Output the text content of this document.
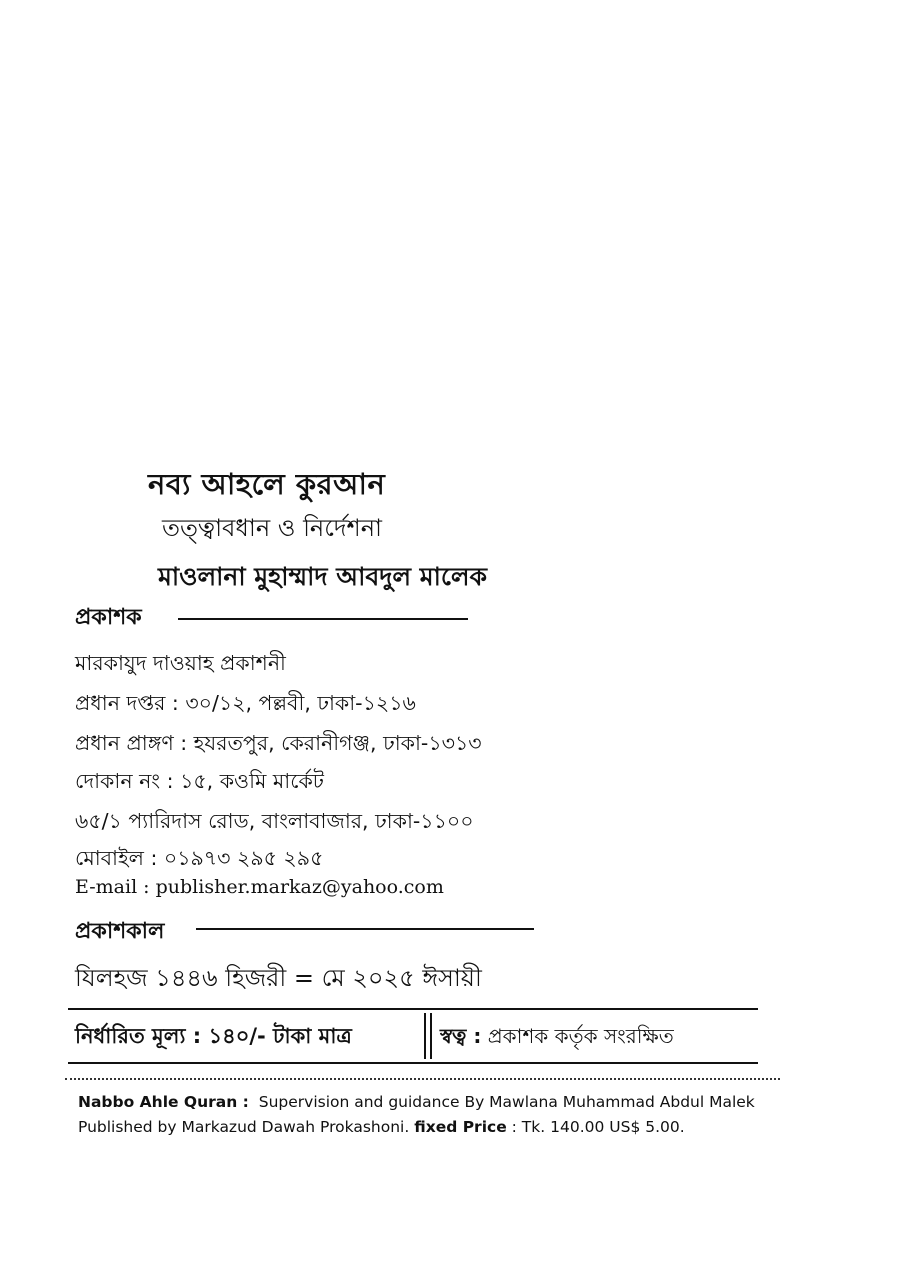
নব্য আহলে কুরআন
তত্ত্বাবধান ও নির্দেশনা
মাওলানা মুহাম্মাদ আবদুল মালেক
প্রকাশক
মারকাযুদ দাওয়াহ প্রকাশনী
প্রধান দপ্তর : ৩০/১২, পল্লবী, ঢাকা-১২১৬
প্রধান প্রাঙ্গণ : হযরতপুর, কেরানীগঞ্জ, ঢাকা-১৩১৩
দোকান নং : ১৫, কওমি মার্কেট
৬৫/১ প্যারিদাস রোড, বাংলাবাজার, ঢাকা-১১০০
মোবাইল : ০১৯৭৩ ২৯৫ ২৯৫
E-mail : publisher.markaz@yahoo.com
প্রকাশকাল
যিলহজ ১৪৪৬ হিজরী = মে ২০২৫ ঈসায়ী
নির্ধারিত মূল্য : ১৪০/- টাকা মাত্র	স্বত্ব : প্রকাশক কর্তৃক সংরক্ষিত
Nabbo Ahle Quran : Supervision and guidance By Mawlana Muhammad Abdul Malek
Published by Markazud Dawah Prokashoni. fixed Price : Tk. 140.00 US$ 5.00.
